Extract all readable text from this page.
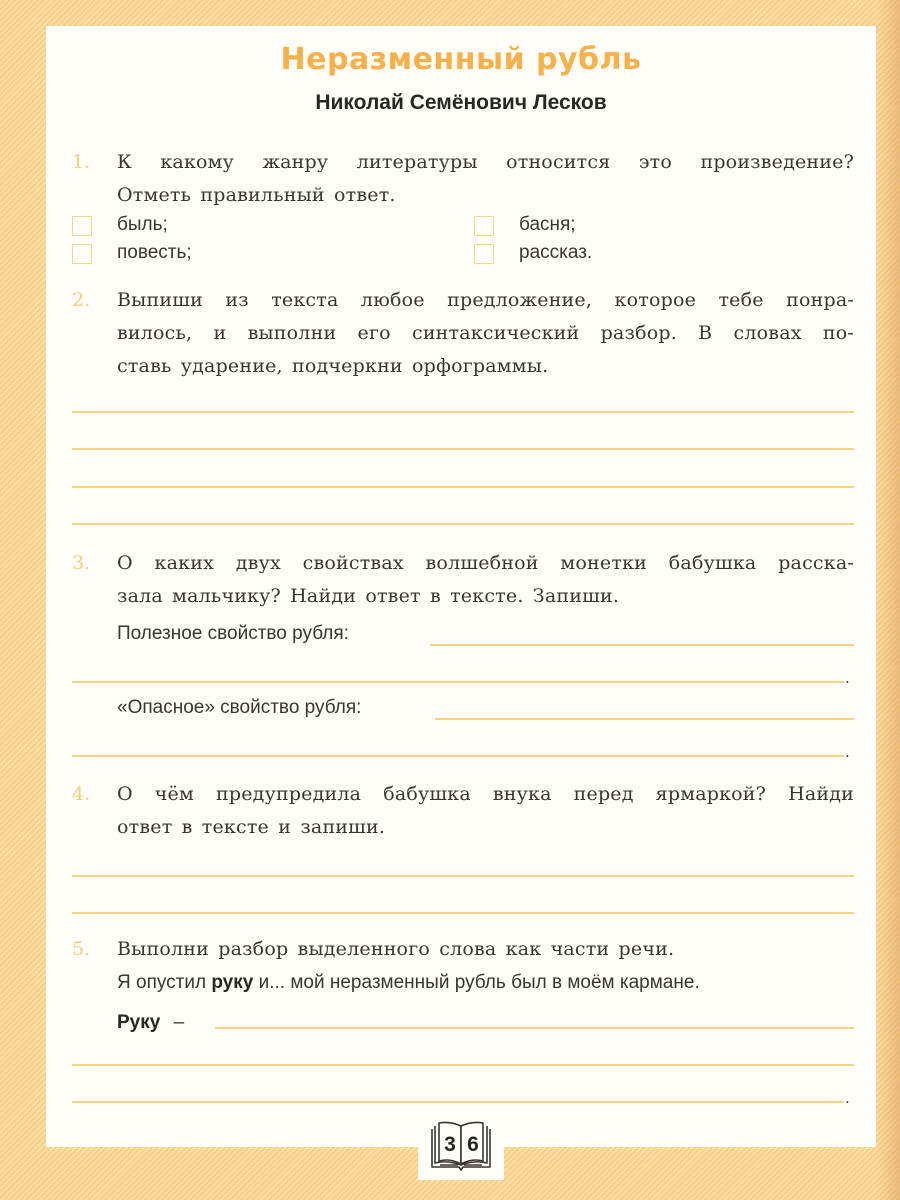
Неразменный рубль
Николай Семёнович Лесков
1. К какому жанру литературы относится это произведение?
Отметь правильный ответ.
быль;
повесть;
басня;
рассказ.
2. Выпиши из текста любое предложение, которое тебе понра-
вилось, и выполни его синтаксический разбор. В словах по-
ставь ударение, подчеркни орфограммы.
3. О каких двух свойствах волшебной монетки бабушка расска-
зала мальчику? Найди ответ в тексте. Запиши.
Полезное свойство рубля:
.
«Опасное» свойство рубля:
.
4. О чём предупредила бабушка внука перед ярмаркой? Найди
ответ в тексте и запиши.
5. Выполни разбор выделенного слова как части речи.
Я опустил руку и... мой неразменный рубль был в моём кармане.
Руку –
.
3 6
